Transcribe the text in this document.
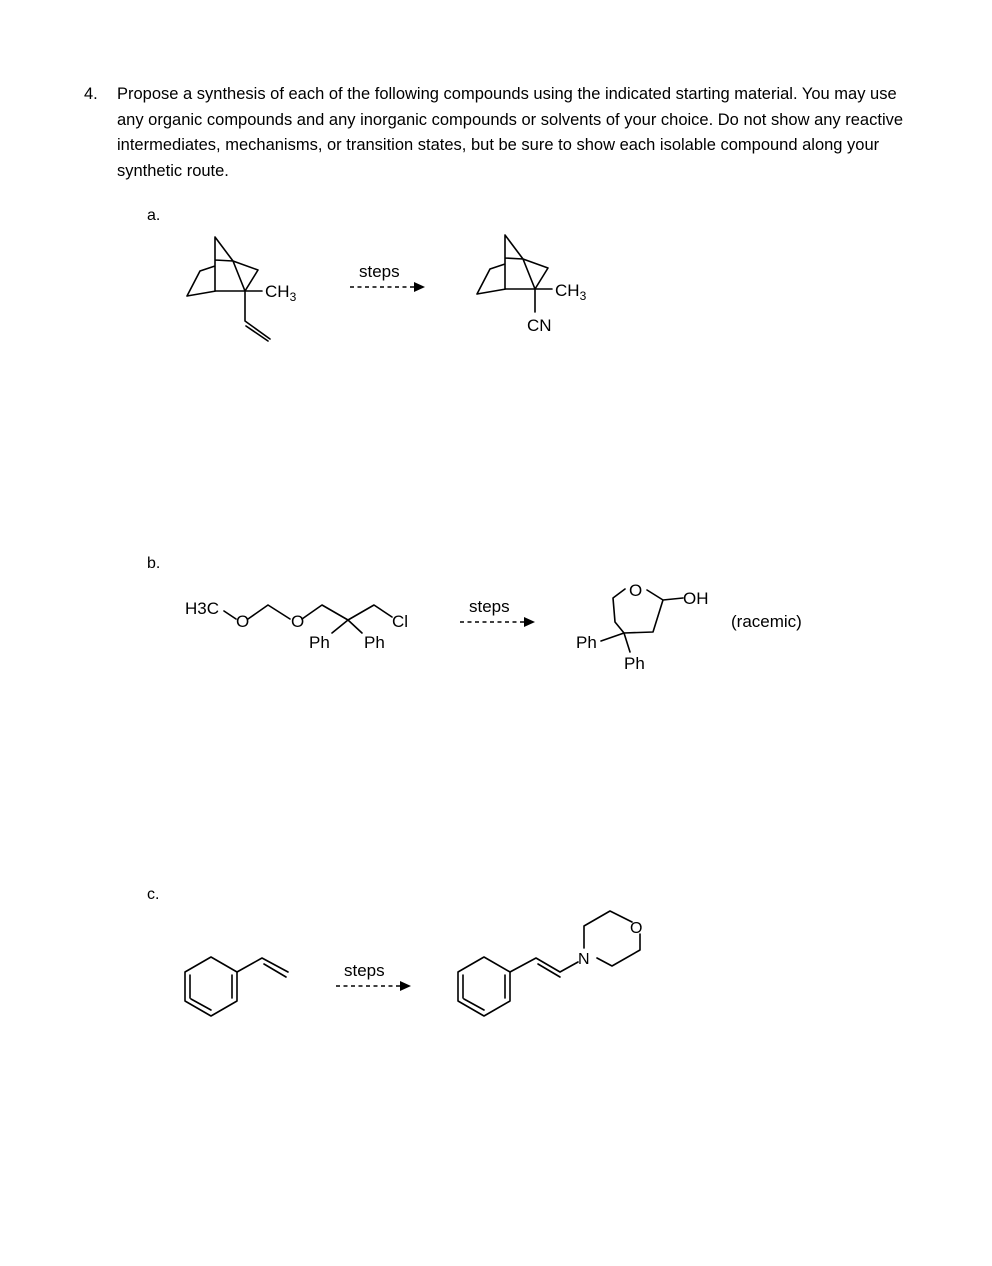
4. Propose a synthesis of each of the following compounds using the indicated starting material. You may use any organic compounds and any inorganic compounds or solvents of your choice. Do not show any reactive intermediates, mechanisms, or transition states, but be sure to show each isolable compound along your synthetic route.
a.
b.
c.
$CH_3$
steps
$CH_3$
CN
H3C
O O
Ph Ph
Cl
steps
O OH
Ph
Ph
(racemic)
steps
N
O
